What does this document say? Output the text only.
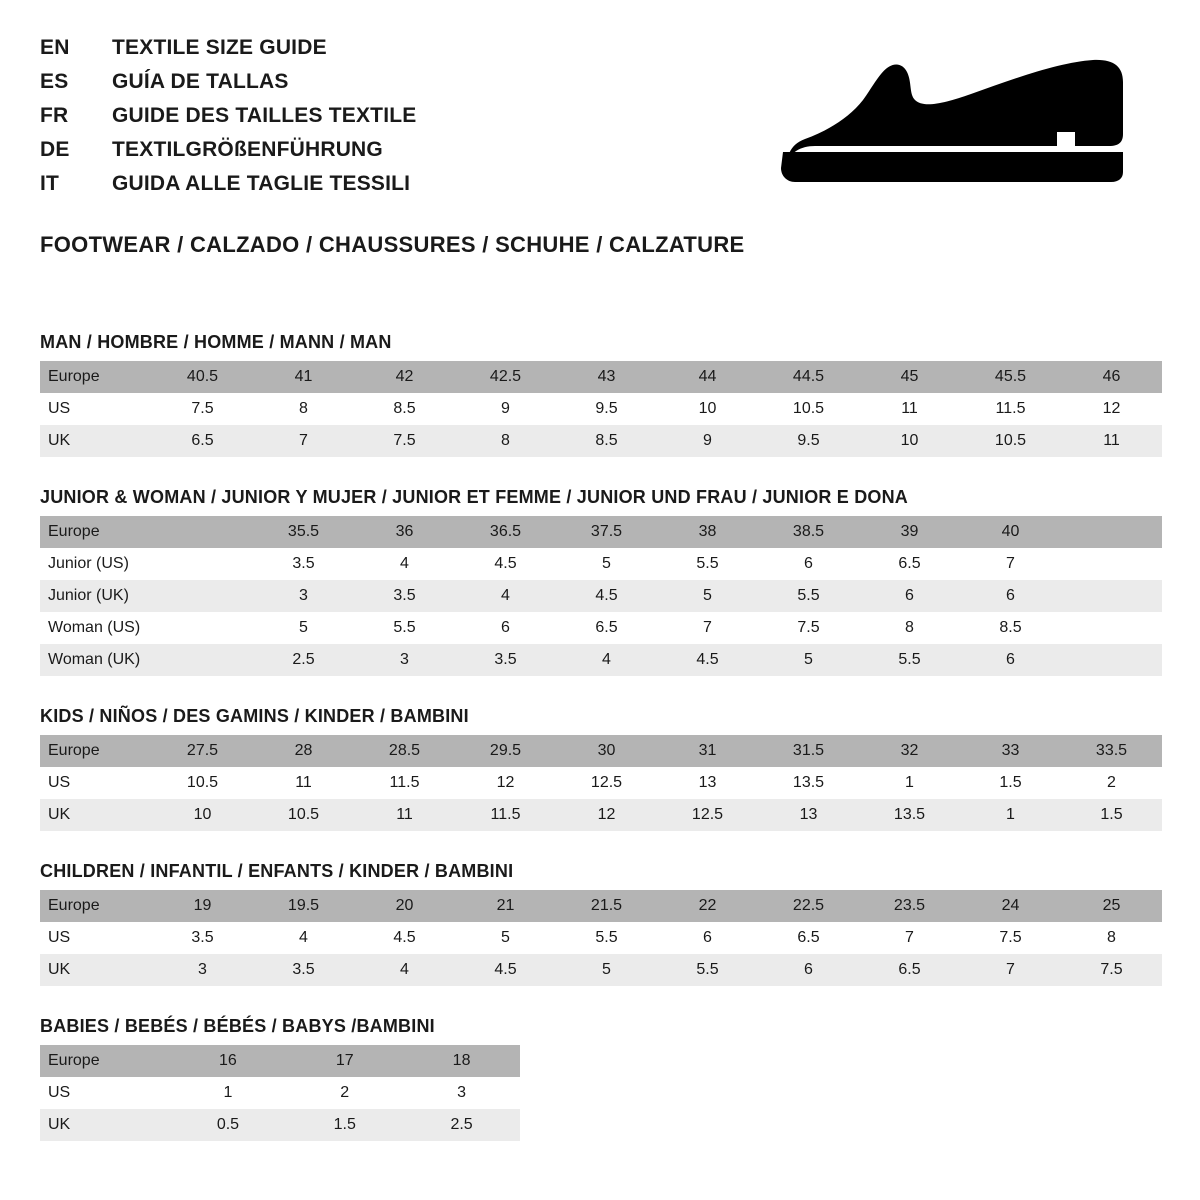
EN	TEXTILE SIZE GUIDE
ES	GUÍA DE TALLAS
FR	GUIDE DES TAILLES TEXTILE
DE	TEXTILGRÖßENFÜHRUNG
IT	GUIDA ALLE TAGLIE TESSILI
FOOTWEAR / CALZADO / CHAUSSURES / SCHUHE / CALZATURE
MAN / HOMBRE / HOMME / MANN / MAN
Europe	40.5	41	42	42.5	43	44	44.5	45	45.5	46
US	7.5	8	8.5	9	9.5	10	10.5	11	11.5	12
UK	6.5	7	7.5	8	8.5	9	9.5	10	10.5	11
JUNIOR & WOMAN / JUNIOR Y MUJER / JUNIOR ET FEMME / JUNIOR UND FRAU / JUNIOR E DONA
Europe		35.5	36	36.5	37.5	38	38.5	39	40	
Junior (US)		3.5	4	4.5	5	5.5	6	6.5	7	
Junior (UK)		3	3.5	4	4.5	5	5.5	6	6	
Woman (US)		5	5.5	6	6.5	7	7.5	8	8.5	
Woman (UK)		2.5	3	3.5	4	4.5	5	5.5	6	
KIDS / NIÑOS / DES GAMINS / KINDER / BAMBINI
Europe	27.5	28	28.5	29.5	30	31	31.5	32	33	33.5
US	10.5	11	11.5	12	12.5	13	13.5	1	1.5	2
UK	10	10.5	11	11.5	12	12.5	13	13.5	1	1.5
CHILDREN / INFANTIL / ENFANTS / KINDER / BAMBINI
Europe	19	19.5	20	21	21.5	22	22.5	23.5	24	25
US	3.5	4	4.5	5	5.5	6	6.5	7	7.5	8
UK	3	3.5	4	4.5	5	5.5	6	6.5	7	7.5
BABIES / BEBÉS / BÉBÉS / BABYS /BAMBINI
Europe	16	17	18
US	1	2	3
UK	0.5	1.5	2.5
